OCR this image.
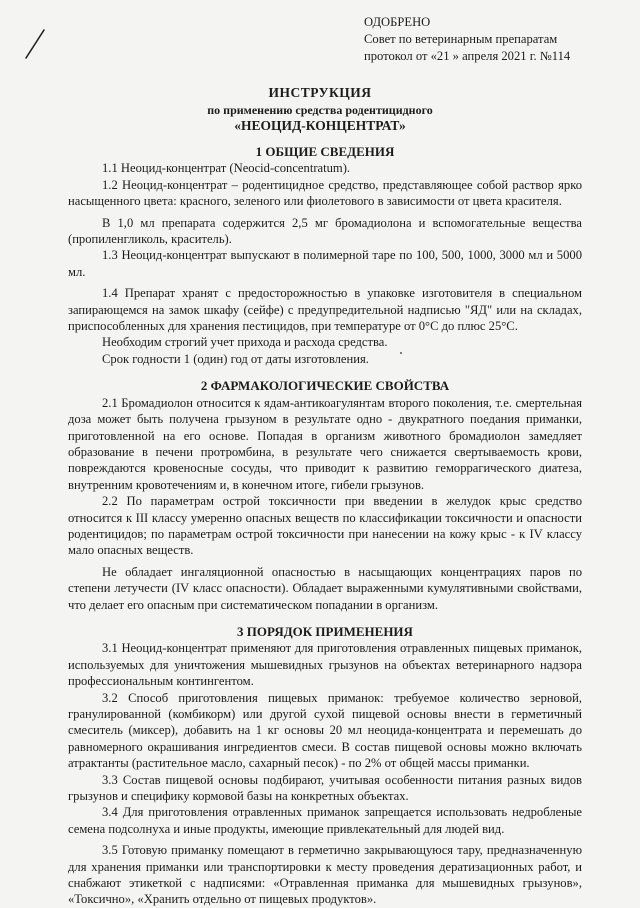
ОДОБРЕНО
Совет по ветеринарным препаратам
протокол от «21 » апреля 2021 г. №114
ИНСТРУКЦИЯ
по применению средства родентицидного
«НЕОЦИД-КОНЦЕНТРАТ»
1 ОБЩИЕ СВЕДЕНИЯ

1.1 Неоцид-концентрат (Neocid-concentratum).

1.2 Неоцид-концентрат – родентицидное средство, представляющее собой раствор ярко насыщенного цвета: красного, зеленого или фиолетового в зависимости от цвета красителя.

В 1,0 мл препарата содержится 2,5 мг бромадиолона и вспомогательные вещества (пропиленгликоль, краситель).

1.3 Неоцид-концентрат выпускают в полимерной таре по 100, 500, 1000, 3000 мл и 5000 мл.

1.4 Препарат хранят с предосторожностью в упаковке изготовителя в специальном запирающемся на замок шкафу (сейфе) с предупредительной надписью "ЯД" или на складах, приспособленных для хранения пестицидов, при температуре от 0°С до плюс 25°С.

Необходим строгий учет прихода и расхода средства.

Срок годности 1 (один) год от даты изготовления.

2 ФАРМАКОЛОГИЧЕСКИЕ СВОЙСТВА

2.1 Бромадиолон относится к ядам-антикоагулянтам второго поколения, т.е. смертельная доза может быть получена грызуном в результате одно - двукратного поедания приманки, приготовленной на его основе. Попадая в организм животного бромадиолон замедляет образование в печени протромбина, в результате чего снижается свертываемость крови, повреждаются кровеносные сосуды, что приводит к развитию геморрагического диатеза, внутренним кровотечениям и, в конечном итоге, гибели грызунов.

2.2 По параметрам острой токсичности при введении в желудок крыс средство относится к III классу умеренно опасных веществ по классификации токсичности и опасности родентицидов; по параметрам острой токсичности при нанесении на кожу крыс - к IV классу мало опасных веществ.

Не обладает ингаляционной опасностью в насыщающих концентрациях паров по степени летучести (IV класс опасности). Обладает выраженными кумулятивными свойствами, что делает его опасным при систематическом попадании в организм.

3 ПОРЯДОК ПРИМЕНЕНИЯ

3.1 Неоцид-концентрат применяют для приготовления отравленных пищевых приманок, используемых для уничтожения мышевидных грызунов на объектах ветеринарного надзора профессиональным контингентом.

3.2 Способ приготовления пищевых приманок: требуемое количество зерновой, гранулированной (комбикорм) или другой сухой пищевой основы внести в герметичный смеситель (миксер), добавить на 1 кг основы 20 мл неоцида-концентрата и перемешать до равномерного окрашивания ингредиентов смеси. В состав пищевой основы можно включать атрактанты (растительное масло, сахарный песок) - по 2% от общей массы приманки.

3.3 Состав пищевой основы подбирают, учитывая особенности питания разных видов грызунов и специфику кормовой базы на конкретных объектах.

3.4 Для приготовления отравленных приманок запрещается использовать недробленые семена подсолнуха и иные продукты, имеющие привлекательный для людей вид.

3.5 Готовую приманку помещают в герметично закрывающуюся тару, предназначенную для хранения приманки или транспортировки к месту проведения дератизационных работ, и снабжают этикеткой с надписями: «Отравленная приманка для мышевидных грызунов», «Токсично», «Хранить отдельно от пищевых продуктов».
